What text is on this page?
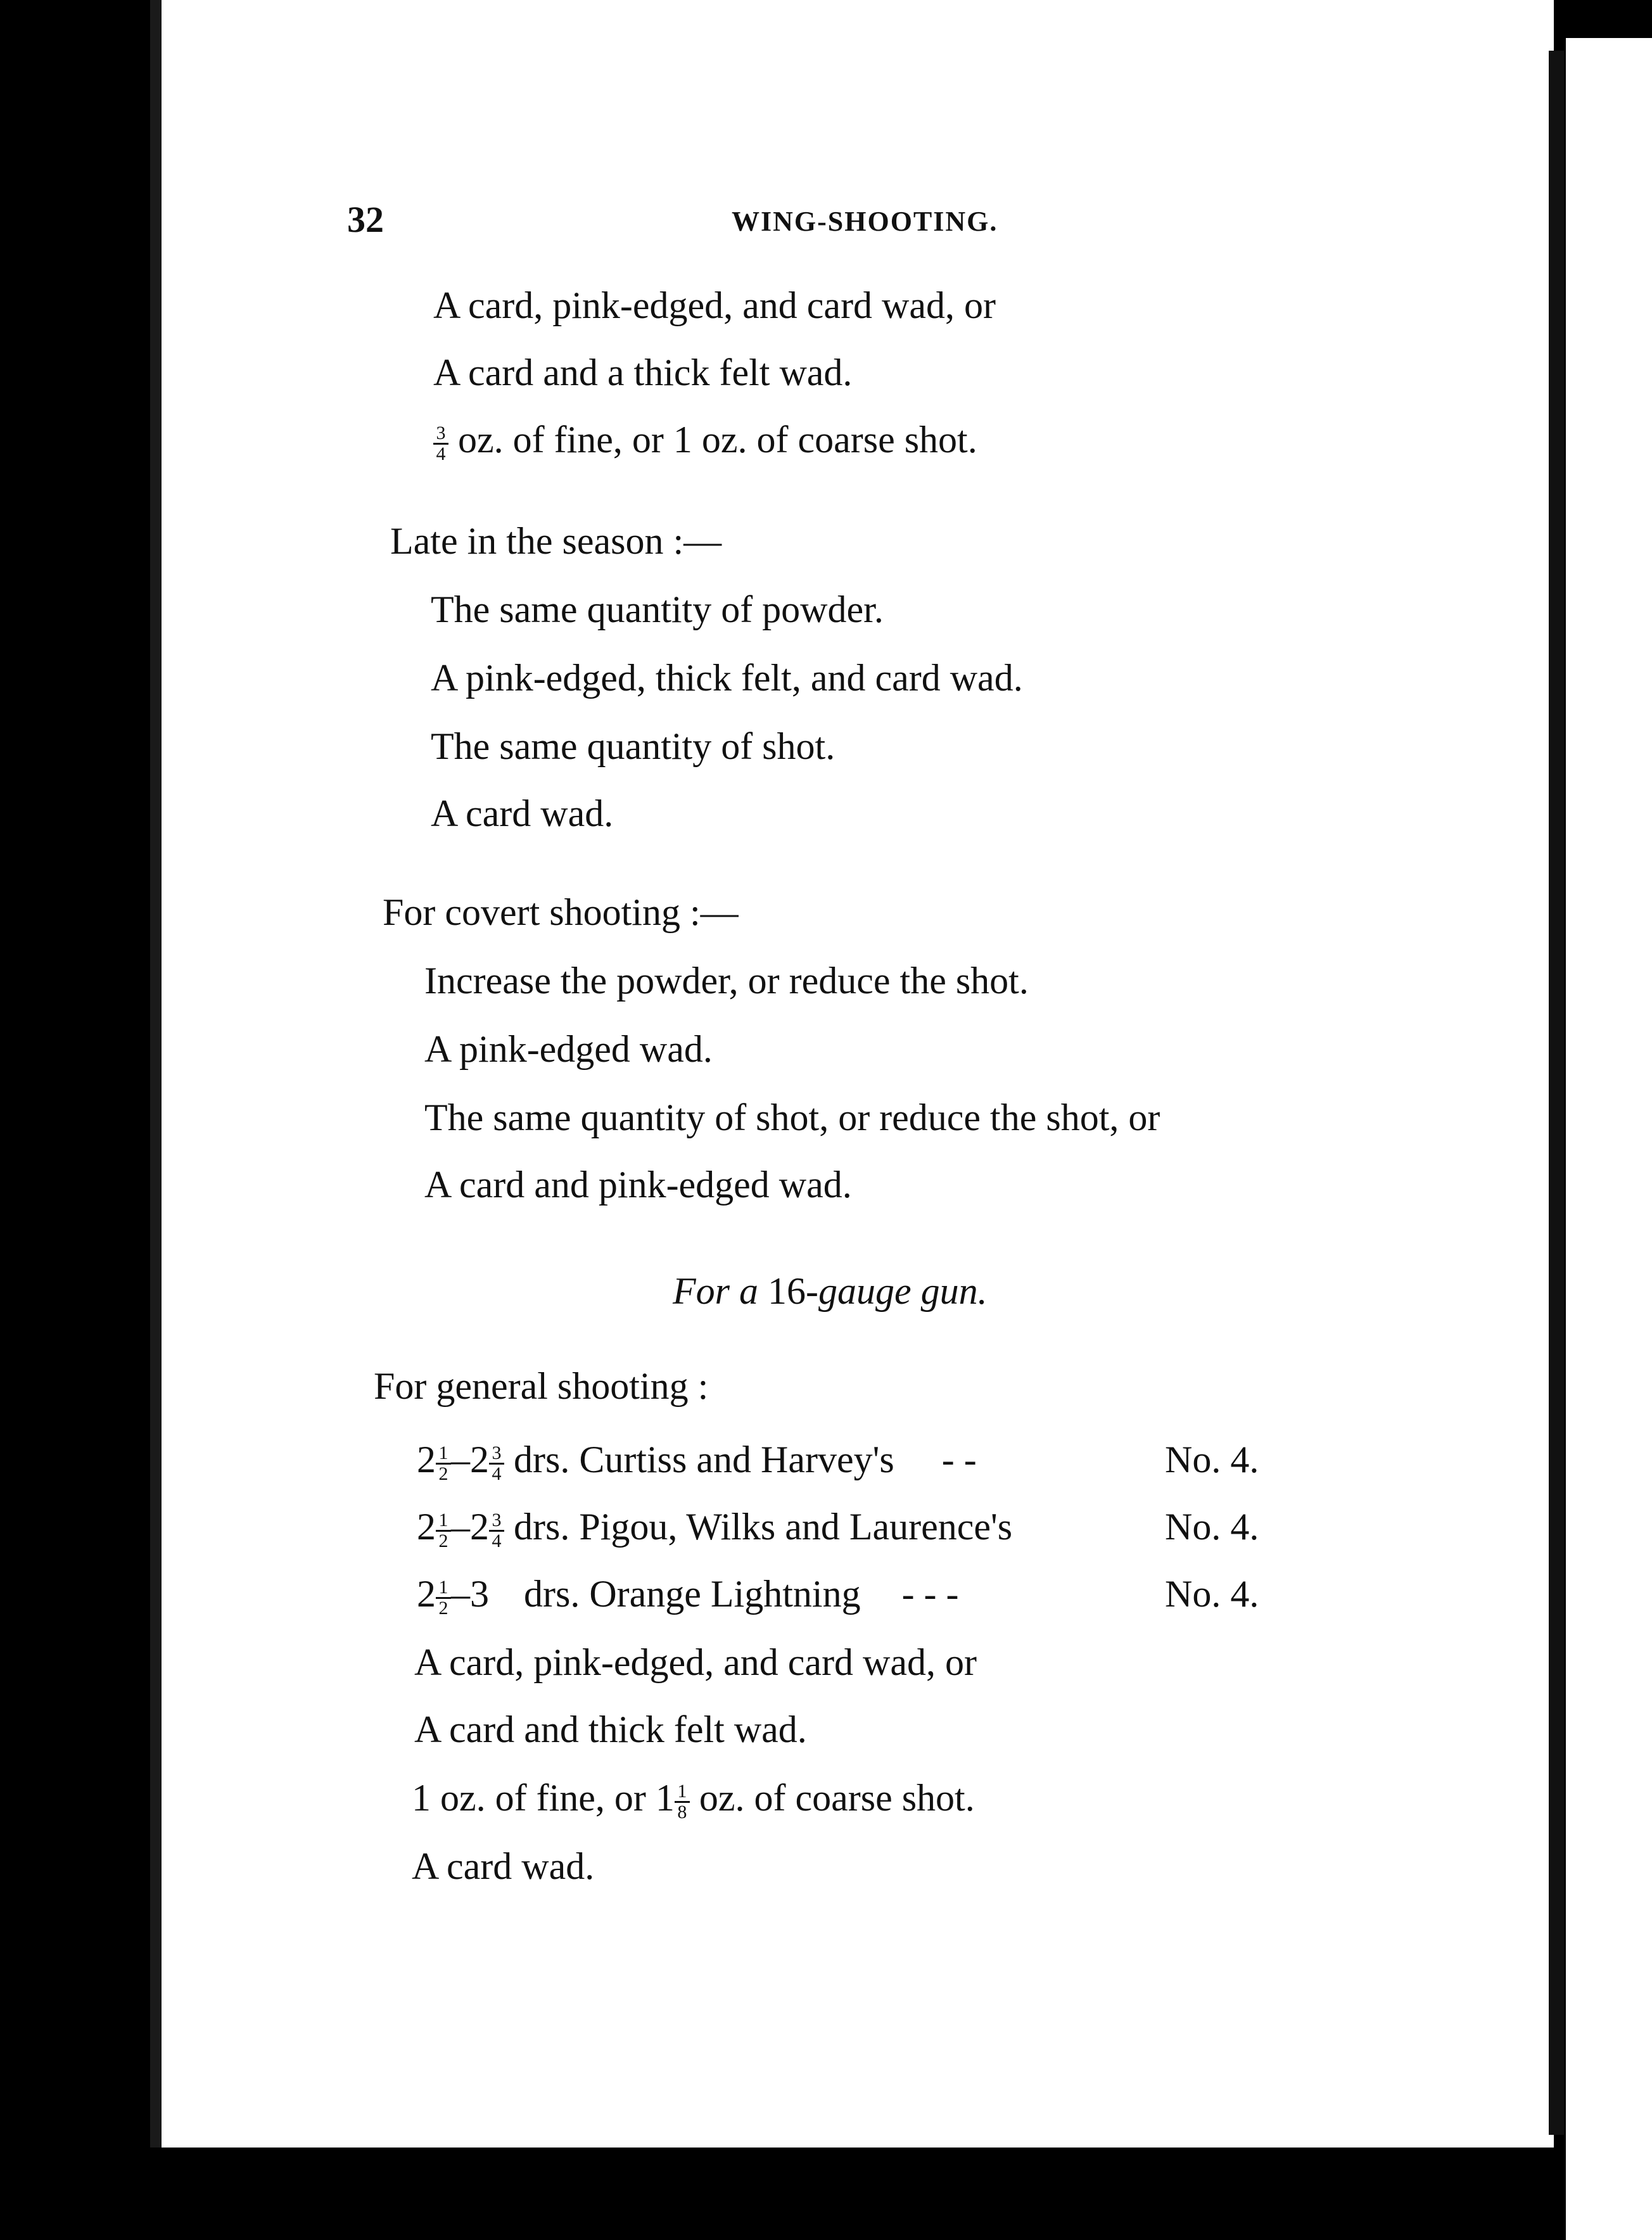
32	WING-SHOOTING.

A card, pink-edged, and card wad, or

A card and a thick felt wad.

$\frac{3}{4}$ oz. of fine, or 1 oz. of coarse shot.

Late in the season :—

The same quantity of powder.

A pink-edged, thick felt, and card wad.

The same quantity of shot.

A card wad.

For covert shooting :—

Increase the powder, or reduce the shot.

A pink-edged wad.

The same quantity of shot, or reduce the shot, or

A card and pink-edged wad.

For a 16-gauge gun.

For general shooting :

$2 \frac{1}{2} -2 \frac{3}{4}$ drs. Curtiss and Harvey's - -	No. 4.

$2 \frac{1}{2} -2 \frac{3}{4}$ drs. Pigou, Wilks and Laurence's	No. 4.

$2 \frac{1}{2} -3$ drs. Orange Lightning - - -	No. 4.

A card, pink-edged, and card wad, or

A card and thick felt wad.

1 oz. of fine, or $1 \frac{1}{8}$ oz. of coarse shot.

A card wad.
